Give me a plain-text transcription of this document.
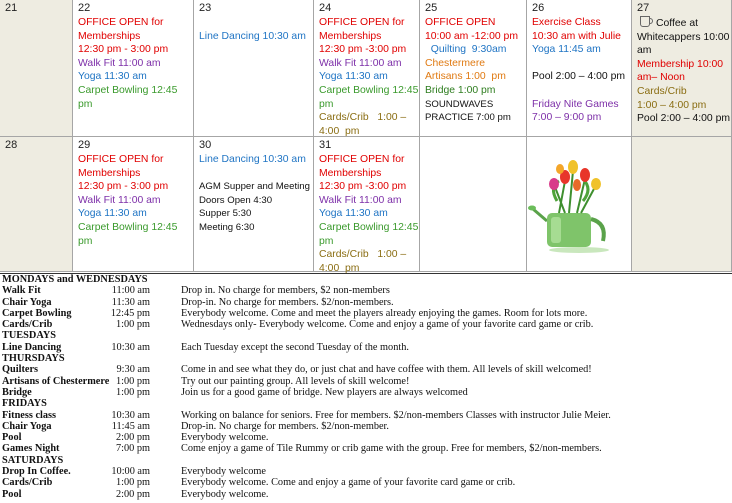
21	22
OFFICE OPEN for Memberships
12:30 pm - 3:00 pm
Walk Fit 11:00 am
Yoga 11:30 am
Carpet Bowling 12:45 pm
23
Line Dancing 10:30 am
24
OFFICE OPEN for Memberships
12:30 pm -3:00 pm
Walk Fit 11:00 am
Yoga 11:30 am
Carpet Bowling 12:45 pm
Cards/Crib   1:00 – 4:00  pm
25
OFFICE OPEN
10:00 am -12:00 pm
Quilting  9:30am
Chestermere
Artisans 1:00  pm
Bridge 1:00 pm
SOUNDWAVES PRACTICE 7:00 pm
26
Exercise Class
10:30 am with Julie
Yoga 11:45 am
Pool 2:00 – 4:00 pm
Friday Nite Games
7:00 – 9:00 pm
27
Coffee at Whitecappers 10:00 am
Membership 10:00 am– Noon
Cards/Crib
1:00 – 4:00 pm
Pool 2:00 – 4:00 pm
28	29
OFFICE OPEN for Memberships
12:30 pm - 3:00 pm
Walk Fit 11:00 am
Yoga 11:30 am
Carpet Bowling 12:45 pm
30
Line Dancing 10:30 am
AGM Supper and Meeting
Doors Open 4:30
Supper 5:30
Meeting 6:30
31
OFFICE OPEN for Memberships
12:30 pm -3:00 pm
Walk Fit 11:00 am
Yoga 11:30 am
Carpet Bowling 12:45 pm
Cards/Crib   1:00 – 4:00  pm

MONDAYS and WEDNESDAYS
Walk Fit	11:00 am	Drop in. No charge for members, $2 non-members
Chair Yoga	11:30 am	Drop-in. No charge for members. $2/non-members.
Carpet Bowling	12:45 pm	Everybody welcome. Come and meet the players already enjoying the games. Room for lots more.
Cards/Crib	1:00 pm	Wednesdays only- Everybody welcome. Come and enjoy a game of your favorite card game or crib.
TUESDAYS
Line Dancing	10:30 am	Each Tuesday except the second Tuesday of the month.
THURSDAYS
Quilters	9:30 am	Come in and see what they do, or just chat and have coffee with them. All levels of skill welcomed!
Artisans of Chestermere 1:00 pm	Try out our painting group. All levels of skill welcome!
Bridge	1:00 pm	Join us for a good game of bridge. New players are always welcomed
FRIDAYS
Fitness class	10:30 am	Working on balance for seniors. Free for members. $2/non-members Classes with instructor Julie Meier.
Chair Yoga	11:45 am	Drop-in. No charge for members. $2/non-member.
Pool	2:00 pm	Everybody welcome.
Games Night	7:00 pm	Come enjoy a game of Tile Rummy or crib game with the group. Free for members, $2/non-members.
SATURDAYS
Drop In Coffee.	10:00 am	Everybody welcome
Cards/Crib	1:00 pm	Everybody welcome. Come and enjoy a game of your favorite card game or crib.
Pool	2:00 pm	Everybody welcome.
